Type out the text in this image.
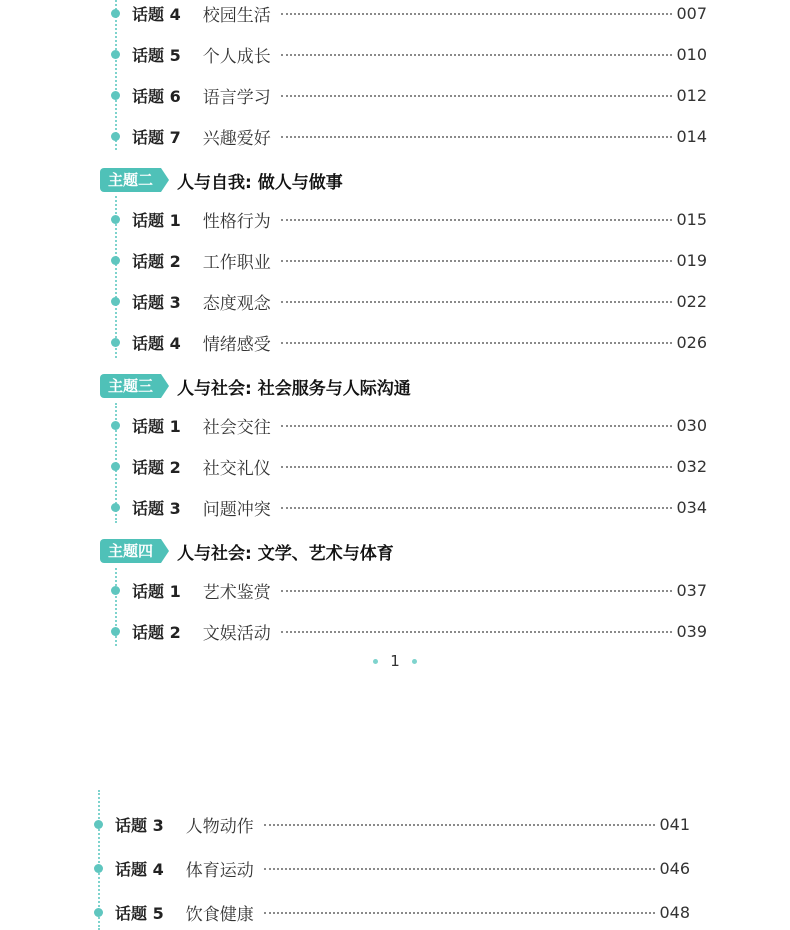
话题 4 校园生活	007
话题 5 个人成长	010
话题 6 语言学习	012
话题 7 兴趣爱好	014
主题二	人与自我: 做人与做事
话题 1 性格行为	015
话题 2 工作职业	019
话题 3 态度观念	022
话题 4 情绪感受	026
主题三	人与社会: 社会服务与人际沟通
话题 1 社会交往	030
话题 2 社交礼仪	032
话题 3 问题冲突	034
主题四	人与社会: 文学、艺术与体育
话题 1 艺术鉴赏	037
话题 2 文娱活动	039
1
话题 3 人物动作	041
话题 4 体育运动	046
话题 5 饮食健康	048
